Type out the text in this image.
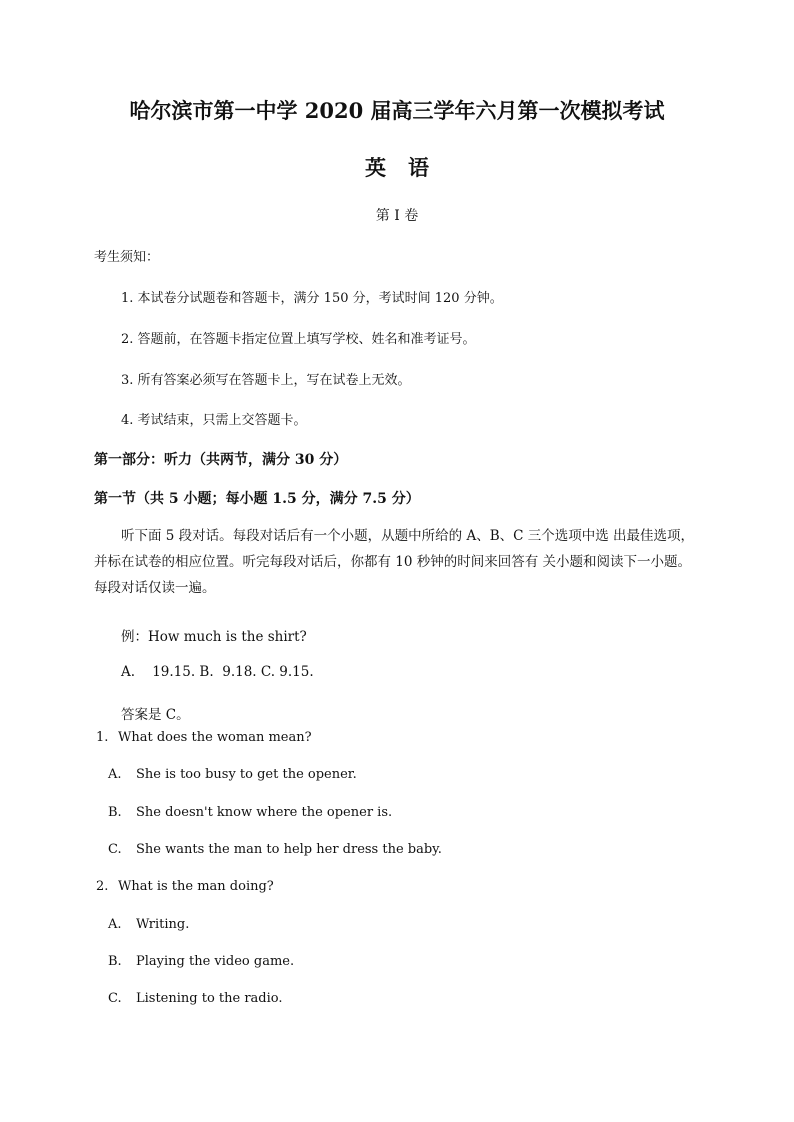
哈尔滨市第一中学 2020 届高三学年六月第一次模拟考试
英 语
第 I 卷
考生须知：
1. 本试卷分试题卷和答题卡，满分 150 分，考试时间 120 分钟。
2. 答题前，在答题卡指定位置上填写学校、姓名和准考证号。
3. 所有答案必须写在答题卡上，写在试卷上无效。
4. 考试结束，只需上交答题卡。
第一部分：听力（共两节，满分 30 分）
第一节（共 5 小题；每小题 1.5 分，满分 7.5 分）
听下面 5 段对话。每段对话后有一个小题，从题中所给的 A、B、C 三个选项中选 出最佳选项，
并标在试卷的相应位置。听完每段对话后，你都有 10 秒钟的时间来回答有 关小题和阅读下一小题。
每段对话仅读一遍。
例：How much is the shirt?
A.    19.15. B.  9.18. C. 9.15.
答案是 C。
1. What does the woman mean?
A. She is too busy to get the opener.
B. She doesn't know where the opener is.
C. She wants the man to help her dress the baby.
2. What is the man doing?
A. Writing.
B. Playing the video game.
C. Listening to the radio.
